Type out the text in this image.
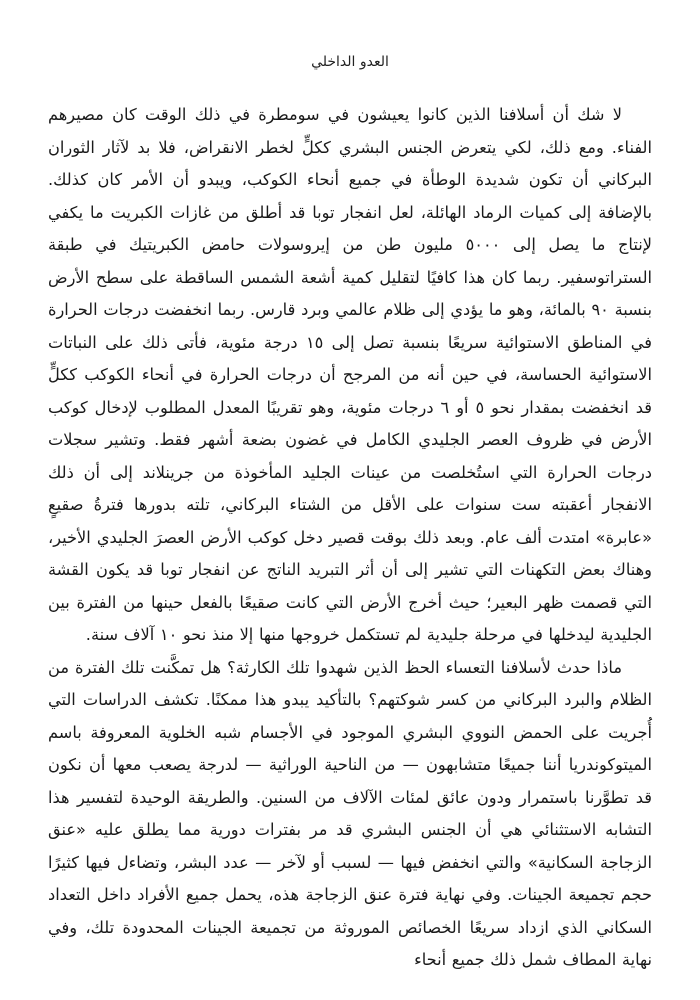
العدو الداخلي

لا شك أن أسلافنا الذين كانوا يعيشون في سومطرة في ذلك الوقت كان مصيرهم الفناء. ومع ذلك، لكي يتعرض الجنس البشري ككلٍّ لخطر الانقراض، فلا بد لآثار الثوران البركاني أن تكون شديدة الوطأة في جميع أنحاء الكوكب، ويبدو أن الأمر كان كذلك. بالإضافة إلى كميات الرماد الهائلة، لعل انفجار توبا قد أطلق من غازات الكبريت ما يكفي لإنتاج ما يصل إلى ٥٠٠٠ مليون طن من إيروسولات حامض الكبريتيك في طبقة الستراتوسفير. ربما كان هذا كافيًا لتقليل كمية أشعة الشمس الساقطة على سطح الأرض بنسبة ٩٠ بالمائة، وهو ما يؤدي إلى ظلام عالمي وبرد قارس. ربما انخفضت درجات الحرارة في المناطق الاستوائية سريعًا بنسبة تصل إلى ١٥ درجة مئوية، فأتى ذلك على النباتات الاستوائية الحساسة، في حين أنه من المرجح أن درجات الحرارة في أنحاء الكوكب ككلٍّ قد انخفضت بمقدار نحو ٥ أو ٦ درجات مئوية، وهو تقريبًا المعدل المطلوب لإدخال كوكب الأرض في ظروف العصر الجليدي الكامل في غضون بضعة أشهر فقط. وتشير سجلات درجات الحرارة التي استُخلصت من عينات الجليد المأخوذة من جرينلاند إلى أن ذلك الانفجار أعقبته ست سنوات على الأقل من الشتاء البركاني، تلته بدورها فترةُ صقيعٍ «عابرة» امتدت ألف عام. وبعد ذلك بوقت قصير دخل كوكب الأرض العصرَ الجليدي الأخير، وهناك بعض التكهنات التي تشير إلى أن أثر التبريد الناتج عن انفجار توبا قد يكون القشة التي قصمت ظهر البعير؛ حيث أخرج الأرض التي كانت صقيعًا بالفعل حينها من الفترة بين الجليدية ليدخلها في مرحلة جليدية لم تستكمل خروجها منها إلا منذ نحو ١٠ آلاف سنة.

ماذا حدث لأسلافنا التعساء الحظ الذين شهدوا تلك الكارثة؟ هل تمكَّنت تلك الفترة من الظلام والبرد البركاني من كسر شوكتهم؟ بالتأكيد يبدو هذا ممكنًا. تكشف الدراسات التي أُجريت على الحمض النووي البشري الموجود في الأجسام شبه الخلوية المعروفة باسم الميتوكوندريا أننا جميعًا متشابهون — من الناحية الوراثية — لدرجة يصعب معها أن نكون قد تطوَّرنا باستمرار ودون عائق لمئات الآلاف من السنين. والطريقة الوحيدة لتفسير هذا التشابه الاستثنائي هي أن الجنس البشري قد مر بفترات دورية مما يطلق عليه «عنق الزجاجة السكانية» والتي انخفض فيها — لسبب أو لآخر — عدد البشر، وتضاءل فيها كثيرًا حجم تجميعة الجينات. وفي نهاية فترة عنق الزجاجة هذه، يحمل جميع الأفراد داخل التعداد السكاني الذي ازداد سريعًا الخصائص الموروثة من تجميعة الجينات المحدودة تلك، وفي نهاية المطاف شمل ذلك جميع أنحاء
